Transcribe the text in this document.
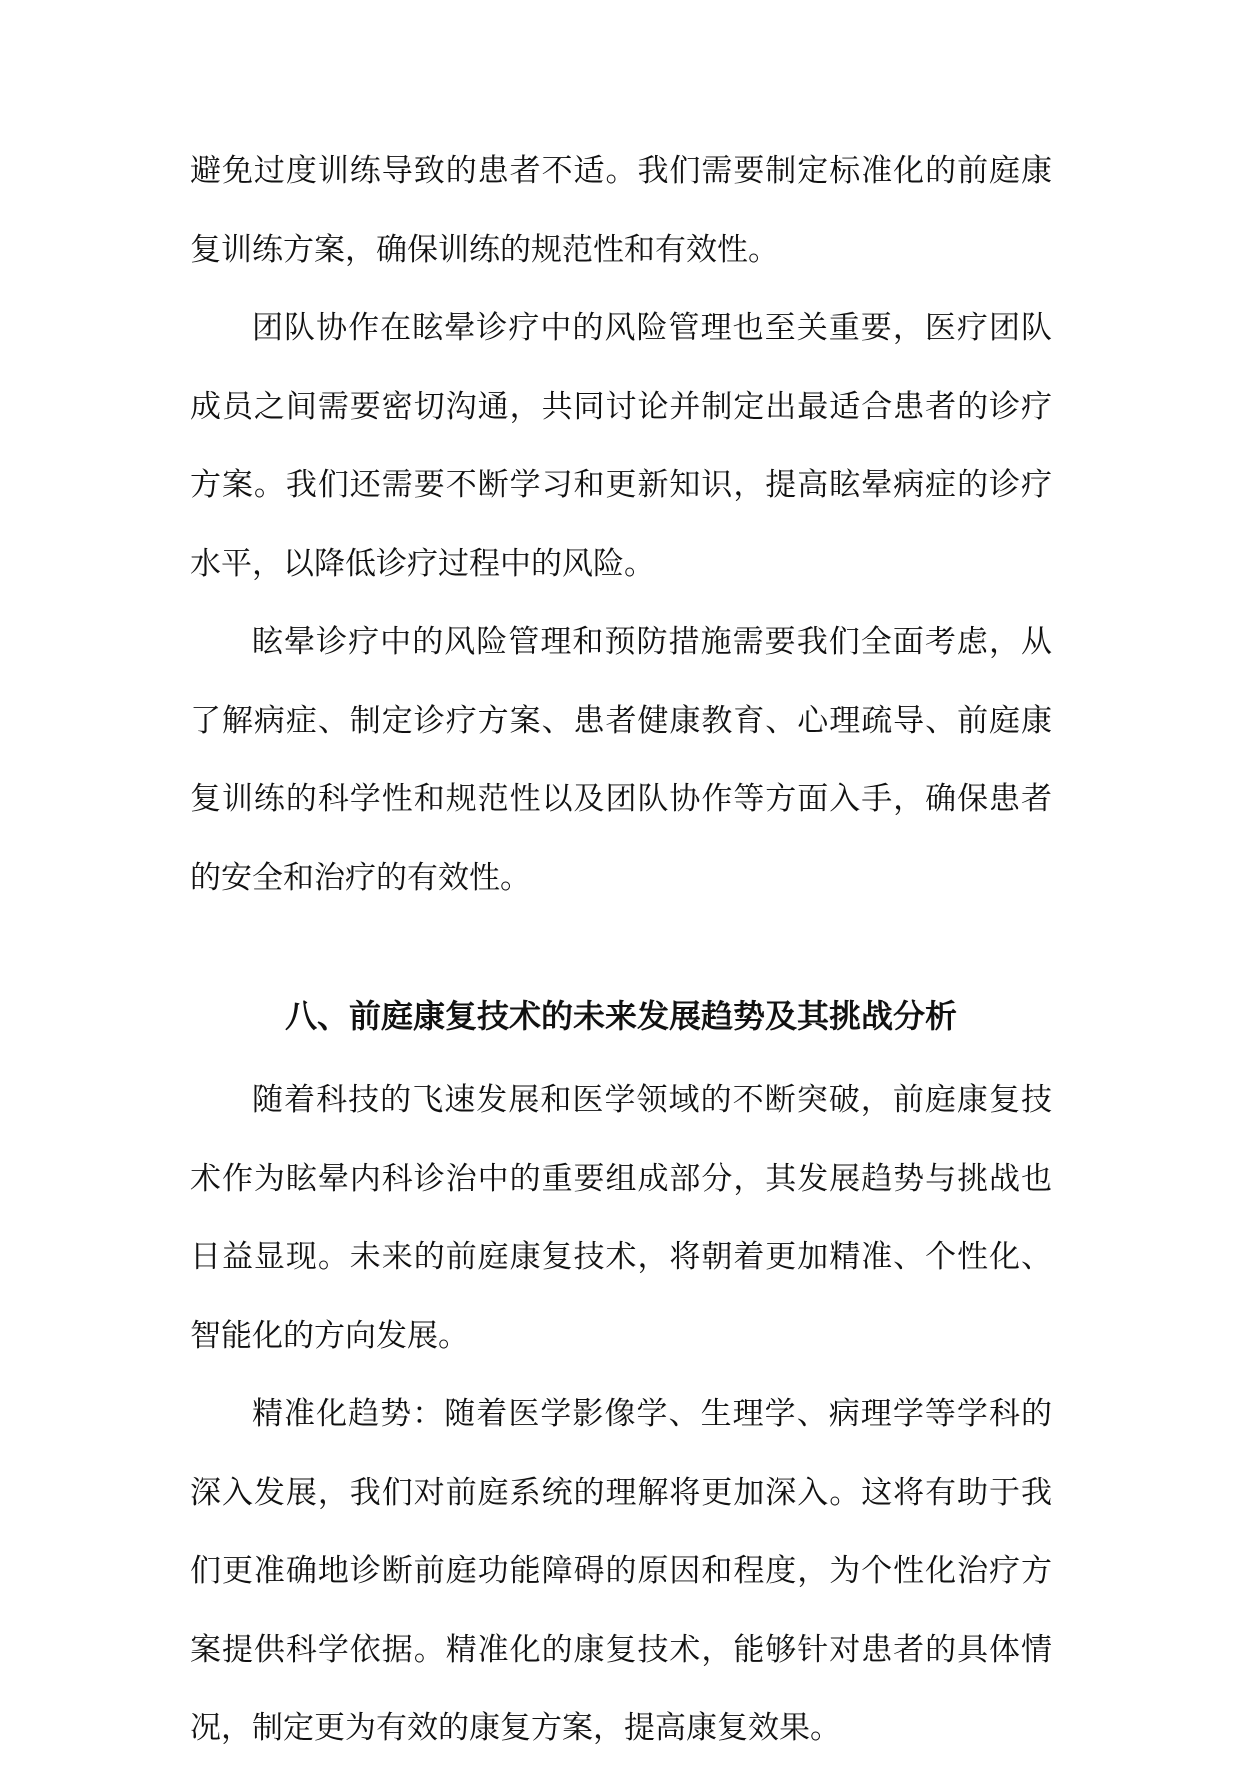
避免过度训练导致的患者不适。我们需要制定标准化的前庭康复训练方案，确保训练的规范性和有效性。

团队协作在眩晕诊疗中的风险管理也至关重要，医疗团队成员之间需要密切沟通，共同讨论并制定出最适合患者的诊疗方案。我们还需要不断学习和更新知识，提高眩晕病症的诊疗水平，以降低诊疗过程中的风险。

眩晕诊疗中的风险管理和预防措施需要我们全面考虑，从了解病症、制定诊疗方案、患者健康教育、心理疏导、前庭康复训练的科学性和规范性以及团队协作等方面入手，确保患者的安全和治疗的有效性。

八、前庭康复技术的未来发展趋势及其挑战分析

随着科技的飞速发展和医学领域的不断突破，前庭康复技术作为眩晕内科诊治中的重要组成部分，其发展趋势与挑战也日益显现。未来的前庭康复技术，将朝着更加精准、个性化、智能化的方向发展。

精准化趋势：随着医学影像学、生理学、病理学等学科的深入发展，我们对前庭系统的理解将更加深入。这将有助于我们更准确地诊断前庭功能障碍的原因和程度，为个性化治疗方案提供科学依据。精准化的康复技术，能够针对患者的具体情况，制定更为有效的康复方案，提高康复效果。
